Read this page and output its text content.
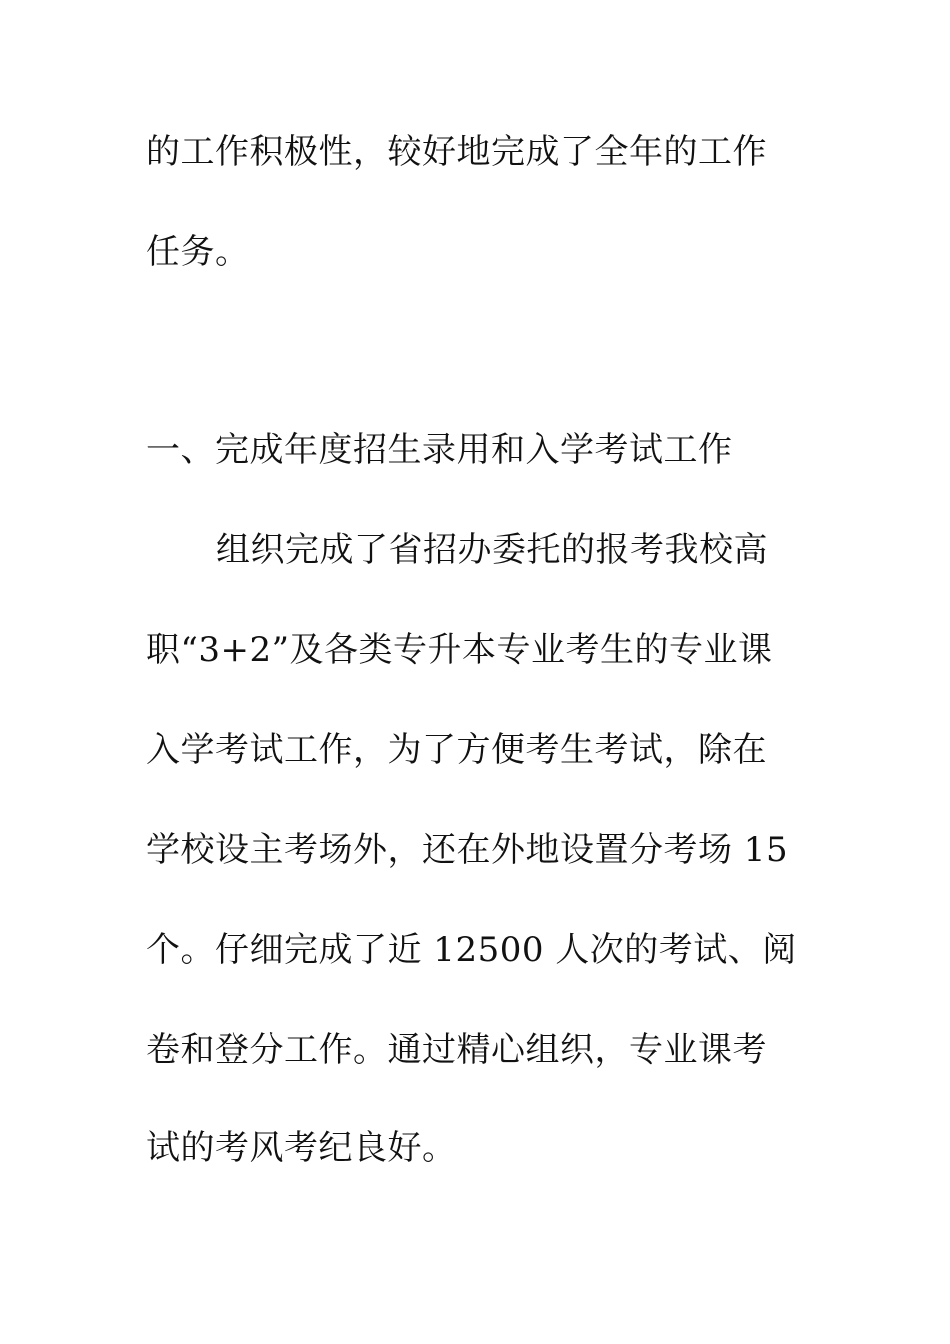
的工作积极性，较好地完成了全年的工作
任务。
一、完成年度招生录用和入学考试工作
组织完成了省招办委托的报考我校高
职“3+2”及各类专升本专业考生的专业课
入学考试工作，为了方便考生考试，除在
学校设主考场外，还在外地设置分考场 15
个。仔细完成了近 12500 人次的考试、阅
卷和登分工作。通过精心组织，专业课考
试的考风考纪良好。
